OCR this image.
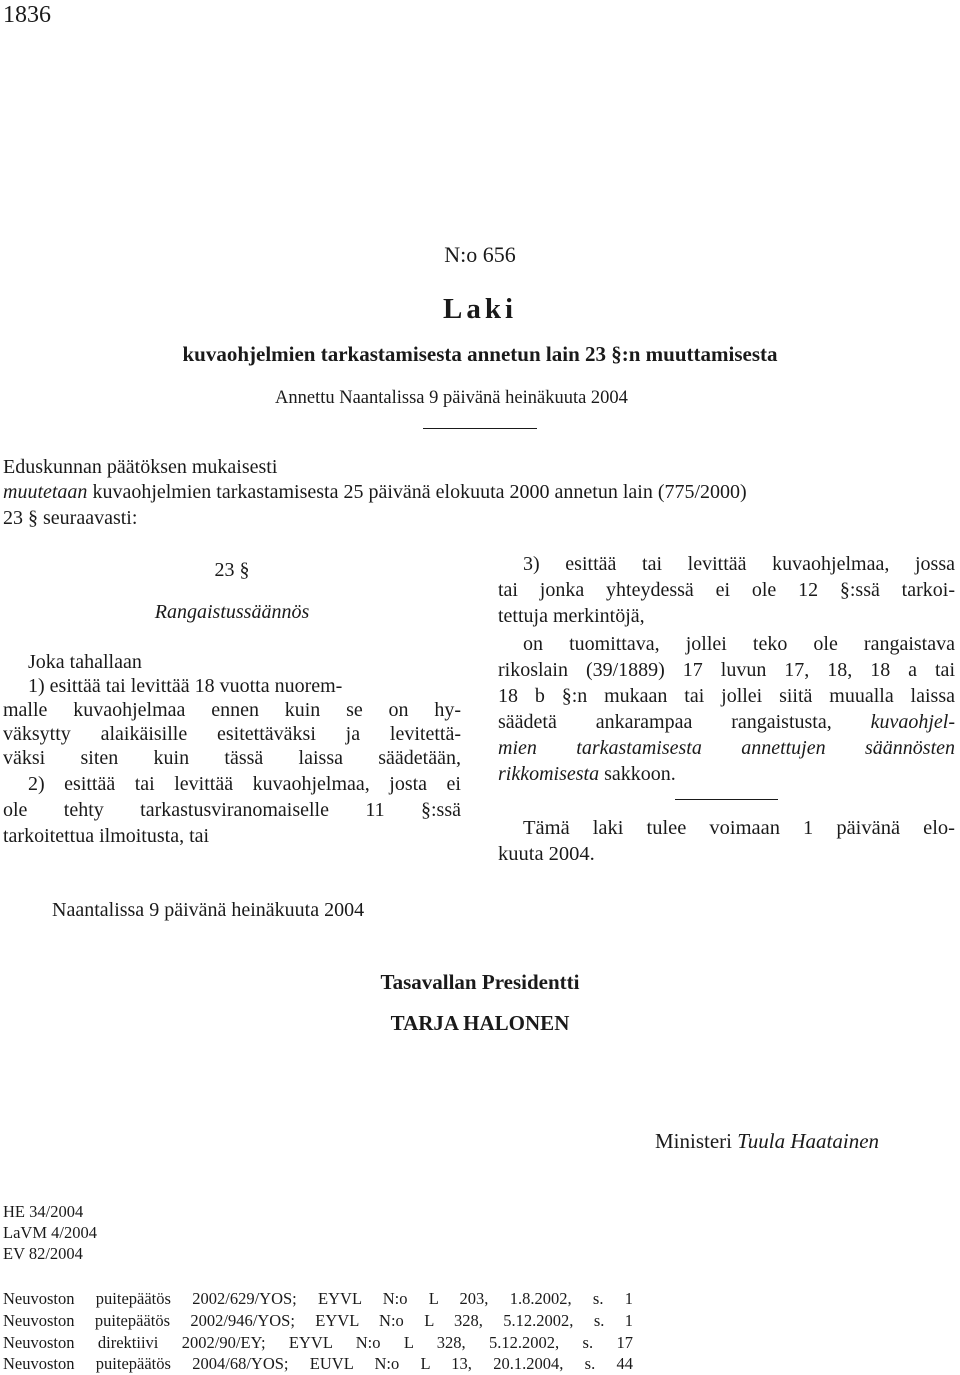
1836
N:o 656
Laki
kuvaohjelmien tarkastamisesta annetun lain 23 §:n muuttamisesta
Annettu Naantalissa 9 päivänä heinäkuuta 2004
Eduskunnan päätöksen mukaisesti
muutetaan kuvaohjelmien tarkastamisesta 25 päivänä elokuuta 2000 annetun lain (775/2000)
23 § seuraavasti:
23 §
Rangaistussäännös
Joka tahallaan
1) esittää tai levittää 18 vuotta nuorem-
malle kuvaohjelmaa ennen kuin se on hy-
väksytty alaikäisille esitettäväksi ja levitettä-
väksi siten kuin tässä laissa säädetään,
2) esittää tai levittää kuvaohjelmaa, josta ei
ole tehty tarkastusviranomaiselle 11 §:ssä
tarkoitettua ilmoitusta, tai
3) esittää tai levittää kuvaohjelmaa, jossa
tai jonka yhteydessä ei ole 12 §:ssä tarkoi-
tettuja merkintöjä,
on tuomittava, jollei teko ole rangaistava
rikoslain (39/1889) 17 luvun 17, 18, 18 a tai
18 b §:n mukaan tai jollei siitä muualla laissa
säädetä ankarampaa rangaistusta, kuvaohjel-
mien tarkastamisesta annettujen säännösten
rikkomisesta sakkoon.
Tämä laki tulee voimaan 1 päivänä elo-
kuuta 2004.
Naantalissa 9 päivänä heinäkuuta 2004
Tasavallan Presidentti
TARJA HALONEN
Ministeri Tuula Haatainen
HE 34/2004
LaVM 4/2004
EV 82/2004
Neuvoston puitepäätös 2002/629/YOS; EYVL N:o L 203, 1.8.2002, s. 1
Neuvoston puitepäätös 2002/946/YOS; EYVL N:o L 328, 5.12.2002, s. 1
Neuvoston direktiivi 2002/90/EY; EYVL N:o L 328, 5.12.2002, s. 17
Neuvoston puitepäätös 2004/68/YOS; EUVL N:o L 13, 20.1.2004, s. 44
